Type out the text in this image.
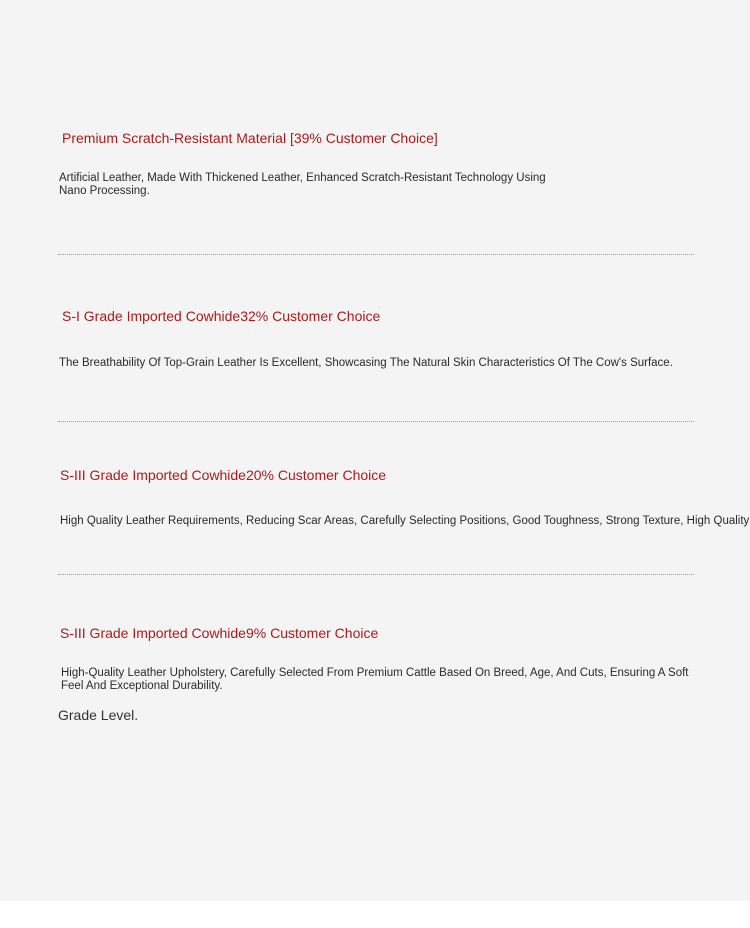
Premium Scratch-Resistant Material [39% Customer Choice]

Artificial Leather, Made With Thickened Leather, Enhanced Scratch-Resistant Technology Using Nano Processing.

S-I Grade Imported Cowhide32% Customer Choice

The Breathability Of Top-Grain Leather Is Excellent, Showcasing The Natural Skin Characteristics Of The Cow's Surface.

S-III Grade Imported Cowhide20% Customer Choice

High Quality Leather Requirements, Reducing Scar Areas, Carefully Selecting Positions, Good Toughness, Strong Texture, High Quality

S-III Grade Imported Cowhide9% Customer Choice

High-Quality Leather Upholstery, Carefully Selected From Premium Cattle Based On Breed, Age, And Cuts, Ensuring A Soft Feel And Exceptional Durability.

Grade Level.
